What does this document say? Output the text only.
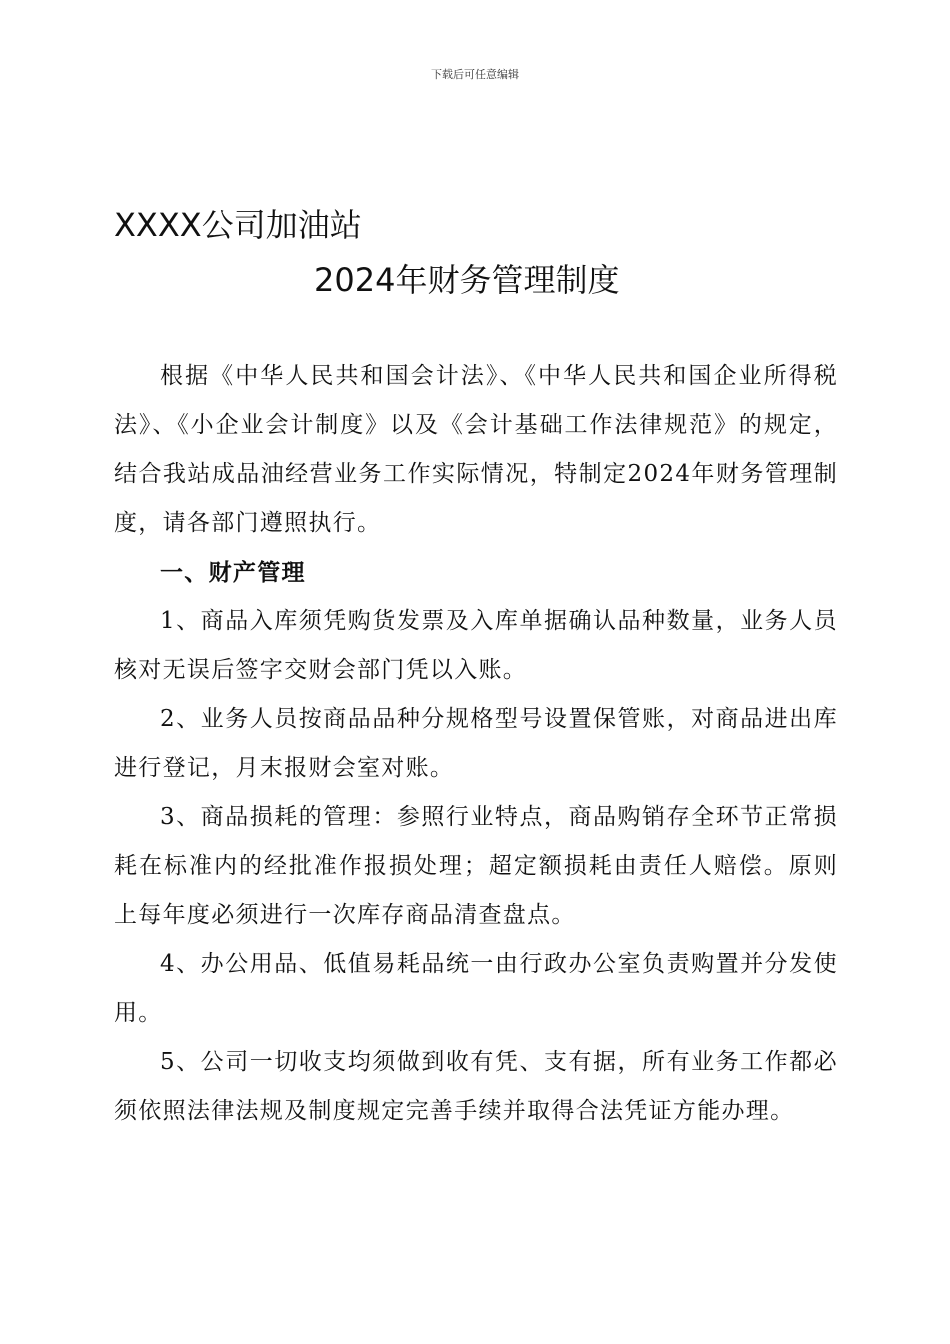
下载后可任意编辑
XXXX公司加油站
2024年财务管理制度

根据《中华人民共和国会计法》、《中华人民共和国企业所得税法》、《小企业会计制度》以及《会计基础工作法律规范》的规定，结合我站成品油经营业务工作实际情况，特制定2024年财务管理制度，请各部门遵照执行。

一、财产管理

1、商品入库须凭购货发票及入库单据确认品种数量，业务人员核对无误后签字交财会部门凭以入账。

2、业务人员按商品品种分规格型号设置保管账，对商品进出库进行登记，月末报财会室对账。

3、商品损耗的管理：参照行业特点，商品购销存全环节正常损耗在标准内的经批准作报损处理；超定额损耗由责任人赔偿。原则上每年度必须进行一次库存商品清查盘点。

4、办公用品、低值易耗品统一由行政办公室负责购置并分发使用。

5、公司一切收支均须做到收有凭、支有据，所有业务工作都必须依照法律法规及制度规定完善手续并取得合法凭证方能办理。
